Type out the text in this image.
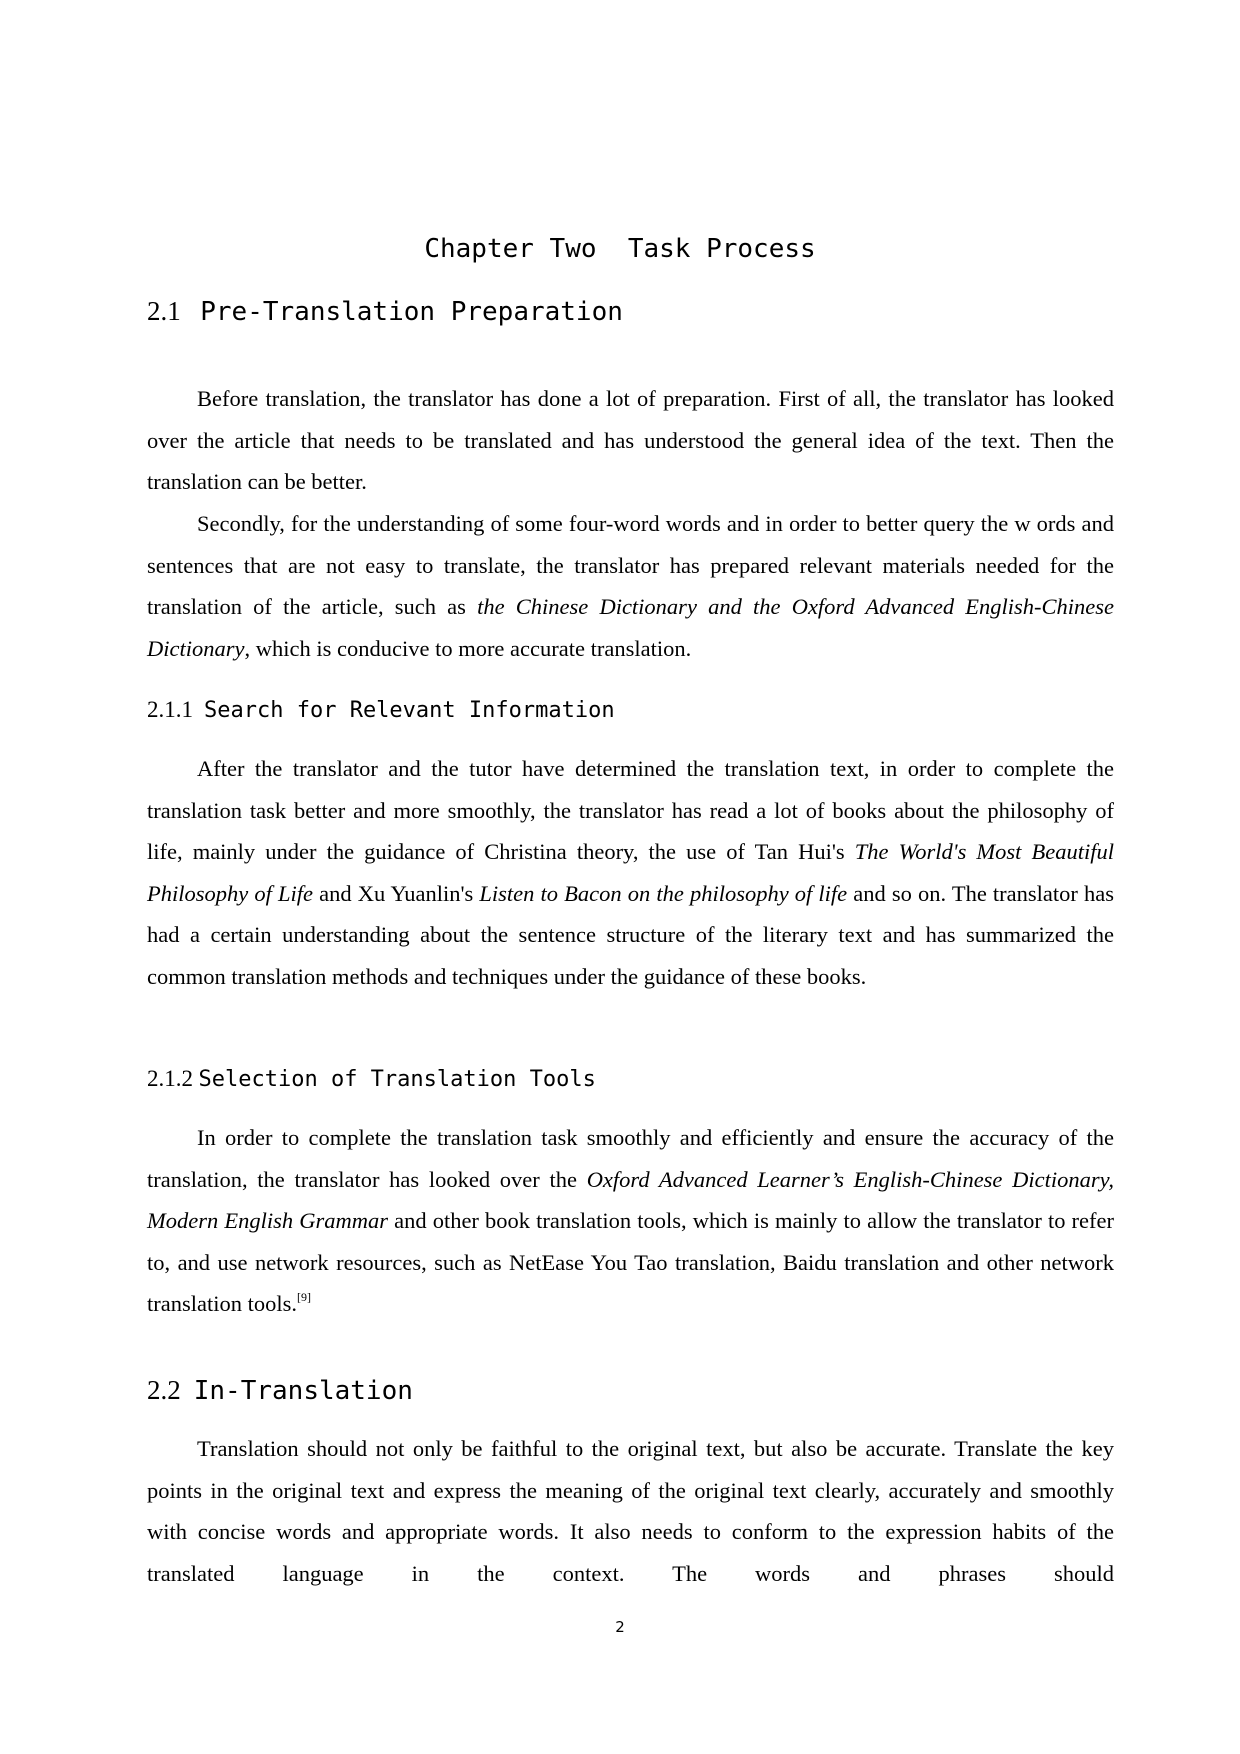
Chapter Two  Task Process
2.1 Pre-Translation Preparation

Before translation, the translator has done a lot of preparation. First of all, the translator has looked over the article that needs to be translated and has understood the general idea of the text. Then the translation can be better.

Secondly, for the understanding of some four-word words and in order to better query the w ords and sentences that are not easy to translate, the translator has prepared relevant materials needed for the translation of the article, such as the Chinese Dictionary and the Oxford Advanced English-Chinese Dictionary, which is conducive to more accurate translation.

2.1.1 Search for Relevant Information

After the translator and the tutor have determined the translation text, in order to complete the translation task better and more smoothly, the translator has read a lot of books about the philosophy of life, mainly under the guidance of Christina theory, the use of Tan Hui's The World's Most Beautiful Philosophy of Life and Xu Yuanlin's Listen to Bacon on the philosophy of life and so on. The translator has had a certain understanding about the sentence structure of the literary text and has summarized the common translation methods and techniques under the guidance of these books.

2.1.2 Selection of Translation Tools

In order to complete the translation task smoothly and efficiently and ensure the accuracy of the translation, the translator has looked over the Oxford Advanced Learner’s English-Chinese Dictionary, Modern English Grammar and other book translation tools, which is mainly to allow the translator to refer to, and use network resources, such as NetEase You Tao translation, Baidu translation and other network translation tools.[9]

2.2 In-Translation

Translation should not only be faithful to the original text, but also be accurate. Translate the key points in the original text and express the meaning of the original text clearly, accurately and smoothly with concise words and appropriate words. It also needs to conform to the expression habits of the translated language in the context. The words and phrases should

2
